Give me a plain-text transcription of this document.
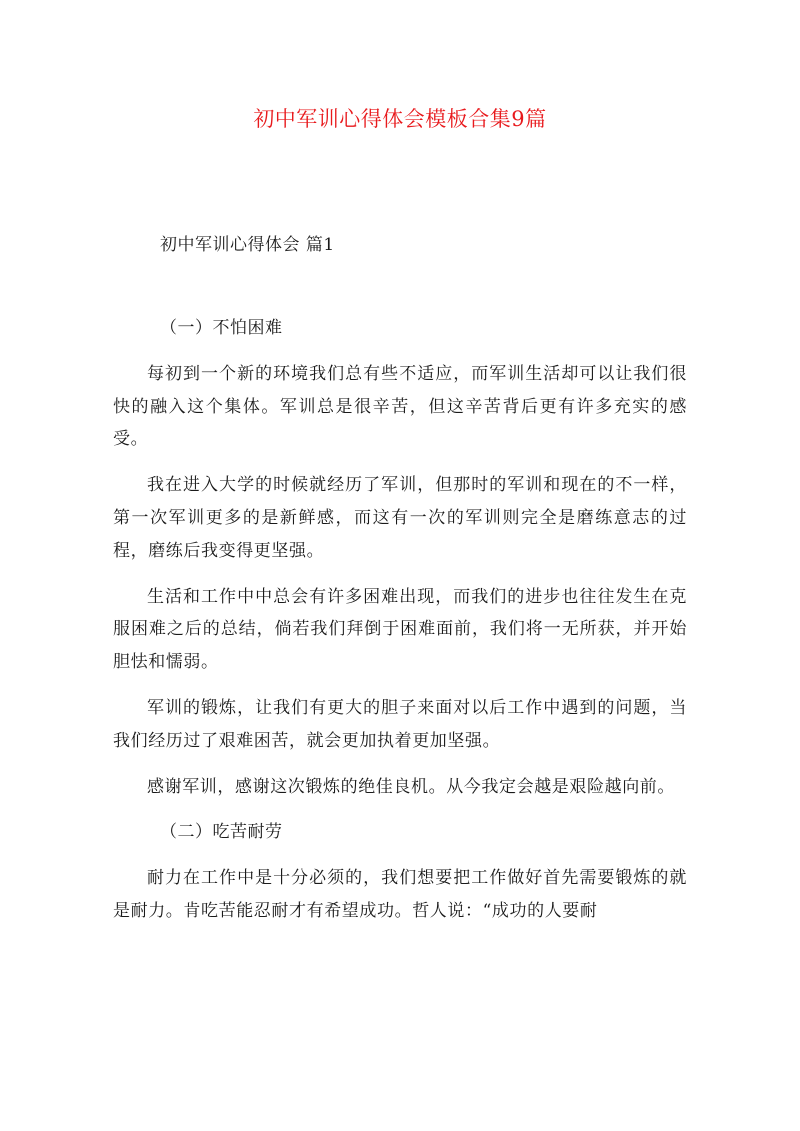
初中军训心得体会模板合集9篇
初中军训心得体会 篇1
（一）不怕困难

每初到一个新的环境我们总有些不适应，而军训生活却可以让我们很快的融入这个集体。军训总是很辛苦，但这辛苦背后更有许多充实的感受。

我在进入大学的时候就经历了军训，但那时的军训和现在的不一样，第一次军训更多的是新鲜感，而这有一次的军训则完全是磨练意志的过程，磨练后我变得更坚强。

生活和工作中中总会有许多困难出现，而我们的进步也往往发生在克服困难之后的总结，倘若我们拜倒于困难面前，我们将一无所获，并开始胆怯和懦弱。

军训的锻炼，让我们有更大的胆子来面对以后工作中遇到的问题，当我们经历过了艰难困苦，就会更加执着更加坚强。

感谢军训，感谢这次锻炼的绝佳良机。从今我定会越是艰险越向前。

（二）吃苦耐劳

耐力在工作中是十分必须的，我们想要把工作做好首先需要锻炼的就是耐力。肯吃苦能忍耐才有希望成功。哲人说：“成功的人要耐
